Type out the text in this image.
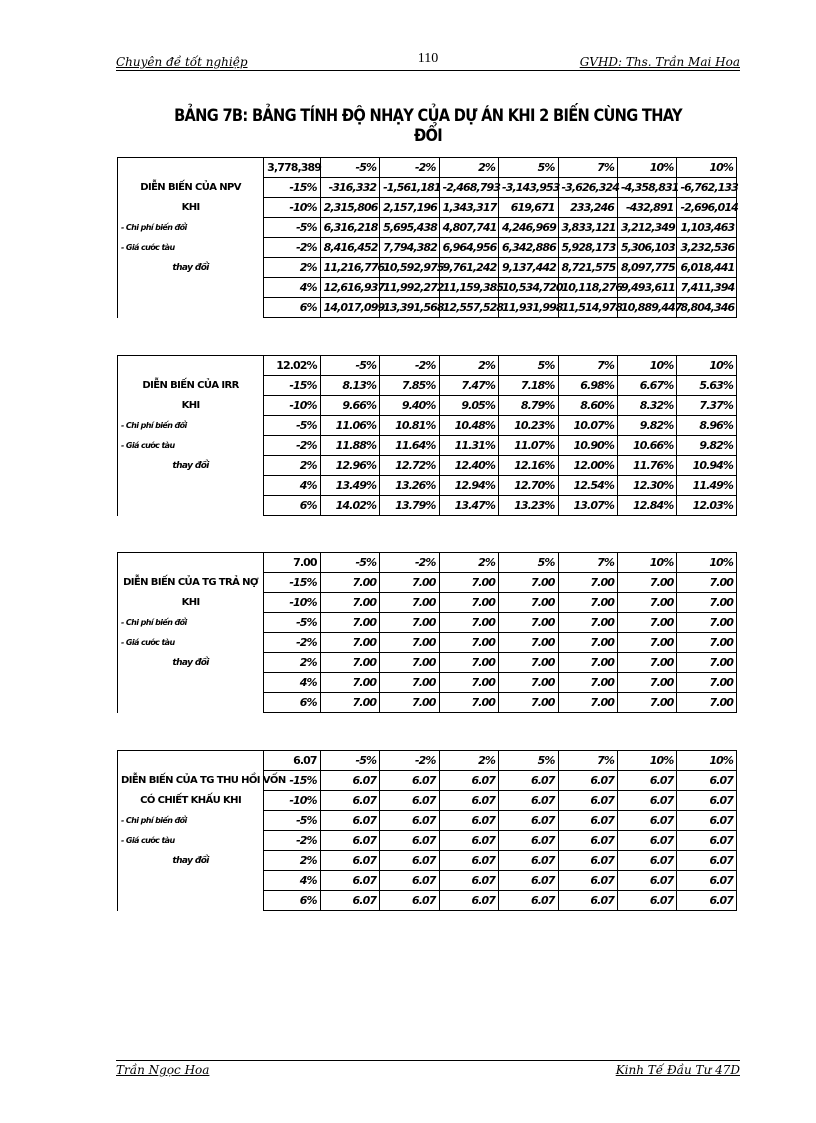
Chuyên đề tốt nghiệp	110	GVHD: Ths. Trần Mai Hoa
BẢNG 7B: BẢNG TÍNH ĐỘ NHẠY CỦA DỰ ÁN KHI 2 BIẾN CÙNG THAY ĐỔI
	3,778,389	-5%	-2%	2%	5%	7%	10%	10%
DIỄN BIẾN CỦA NPV	-15%	-316,332	-1,561,181	-2,468,793	-3,143,953	-3,626,324	-4,358,831	-6,762,133
KHI	-10%	2,315,806	2,157,196	1,343,317	619,671	233,246	-432,891	-2,696,014
- Chi phí biến đổi	-5%	6,316,218	5,695,438	4,807,741	4,246,969	3,833,121	3,212,349	1,103,463
- Giá cước tàu	-2%	8,416,452	7,794,382	6,964,956	6,342,886	5,928,173	5,306,103	3,232,536
thay đổi	2%	11,216,776	10,592,975	9,761,242	9,137,442	8,721,575	8,097,775	6,018,441
	4%	12,616,937	11,992,272	11,159,385	10,534,720	10,118,276	9,493,611	7,411,394
	6%	14,017,099	13,391,568	12,557,528	11,931,998	11,514,978	10,889,447	8,804,346
	12.02%	-5%	-2%	2%	5%	7%	10%	10%
DIỄN BIẾN CỦA IRR	-15%	8.13%	7.85%	7.47%	7.18%	6.98%	6.67%	5.63%
KHI	-10%	9.66%	9.40%	9.05%	8.79%	8.60%	8.32%	7.37%
- Chi phí biến đổi	-5%	11.06%	10.81%	10.48%	10.23%	10.07%	9.82%	8.96%
- Giá cước tàu	-2%	11.88%	11.64%	11.31%	11.07%	10.90%	10.66%	9.82%
thay đổi	2%	12.96%	12.72%	12.40%	12.16%	12.00%	11.76%	10.94%
	4%	13.49%	13.26%	12.94%	12.70%	12.54%	12.30%	11.49%
	6%	14.02%	13.79%	13.47%	13.23%	13.07%	12.84%	12.03%
	7.00	-5%	-2%	2%	5%	7%	10%	10%
DIỄN BIẾN CỦA TG TRẢ NỢ	-15%	7.00	7.00	7.00	7.00	7.00	7.00	7.00
KHI	-10%	7.00	7.00	7.00	7.00	7.00	7.00	7.00
- Chi phí biến đổi	-5%	7.00	7.00	7.00	7.00	7.00	7.00	7.00
- Giá cước tàu	-2%	7.00	7.00	7.00	7.00	7.00	7.00	7.00
thay đổi	2%	7.00	7.00	7.00	7.00	7.00	7.00	7.00
	4%	7.00	7.00	7.00	7.00	7.00	7.00	7.00
	6%	7.00	7.00	7.00	7.00	7.00	7.00	7.00
	6.07	-5%	-2%	2%	5%	7%	10%	10%
DIỄN BIẾN CỦA TG THU HỒI VỐN	-15%	6.07	6.07	6.07	6.07	6.07	6.07	6.07
CÓ CHIẾT KHẤU KHI	-10%	6.07	6.07	6.07	6.07	6.07	6.07	6.07
- Chi phí biến đổi	-5%	6.07	6.07	6.07	6.07	6.07	6.07	6.07
- Giá cước tàu	-2%	6.07	6.07	6.07	6.07	6.07	6.07	6.07
thay đổi	2%	6.07	6.07	6.07	6.07	6.07	6.07	6.07
	4%	6.07	6.07	6.07	6.07	6.07	6.07	6.07
	6%	6.07	6.07	6.07	6.07	6.07	6.07	6.07
Trần Ngọc Hoa	Kinh Tế Đầu Tư 47D
